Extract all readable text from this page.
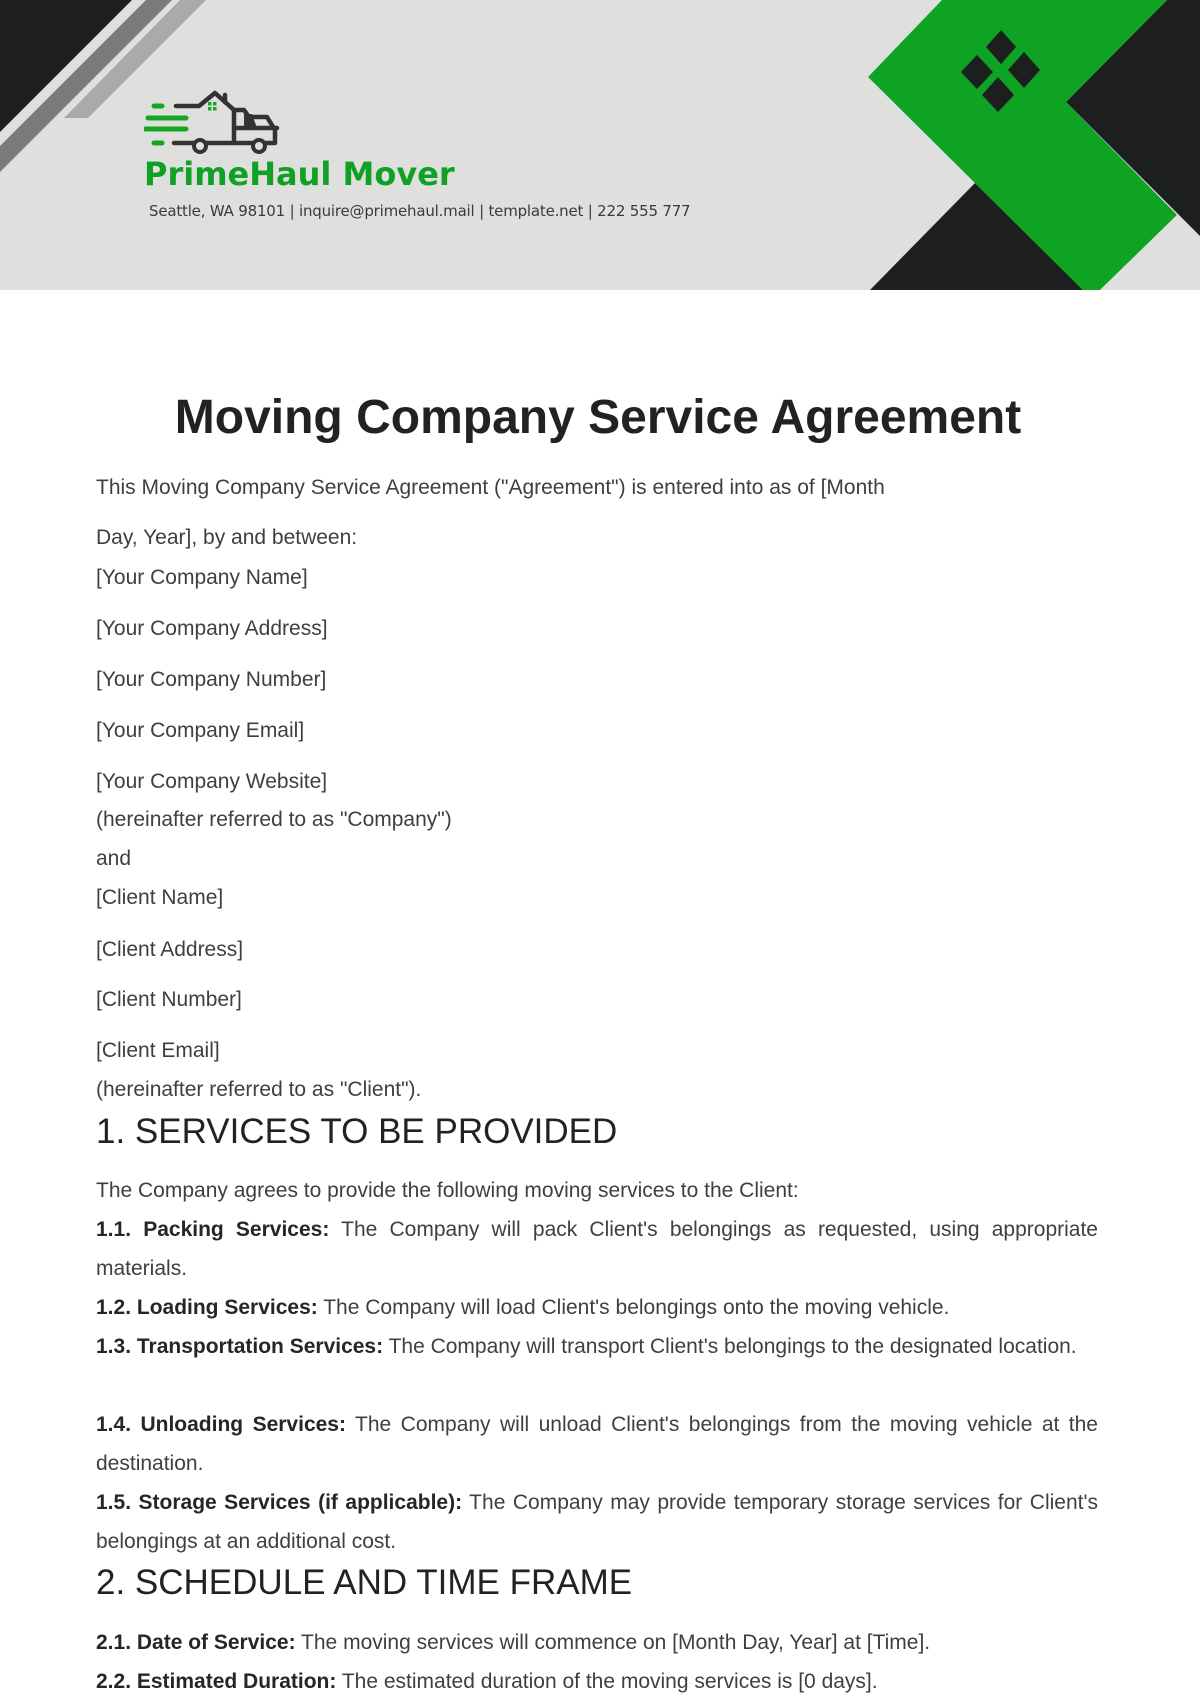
PrimeHaul Mover
Seattle, WA 98101 | inquire@primehaul.mail | template.net | 222 555 777
Moving Company Service Agreement
This Moving Company Service Agreement ("Agreement") is entered into as of [Month
Day, Year], by and between:
[Your Company Name]
[Your Company Address]
[Your Company Number]
[Your Company Email]
[Your Company Website]
(hereinafter referred to as "Company")
and
[Client Name]
[Client Address]
[Client Number]
[Client Email]
(hereinafter referred to as "Client").
1. SERVICES TO BE PROVIDED
The Company agrees to provide the following moving services to the Client:

1.1. Packing Services: The Company will pack Client's belongings as requested, using appropriate materials.

1.2. Loading Services: The Company will load Client's belongings onto the moving vehicle.

1.3. Transportation Services: The Company will transport Client's belongings to the designated location.

1.4. Unloading Services: The Company will unload Client's belongings from the moving vehicle at the destination.

1.5. Storage Services (if applicable): The Company may provide temporary storage services for Client's belongings at an additional cost.

2. SCHEDULE AND TIME FRAME

2.1. Date of Service: The moving services will commence on [Month Day, Year] at [Time].

2.2. Estimated Duration: The estimated duration of the moving services is [0 days].
